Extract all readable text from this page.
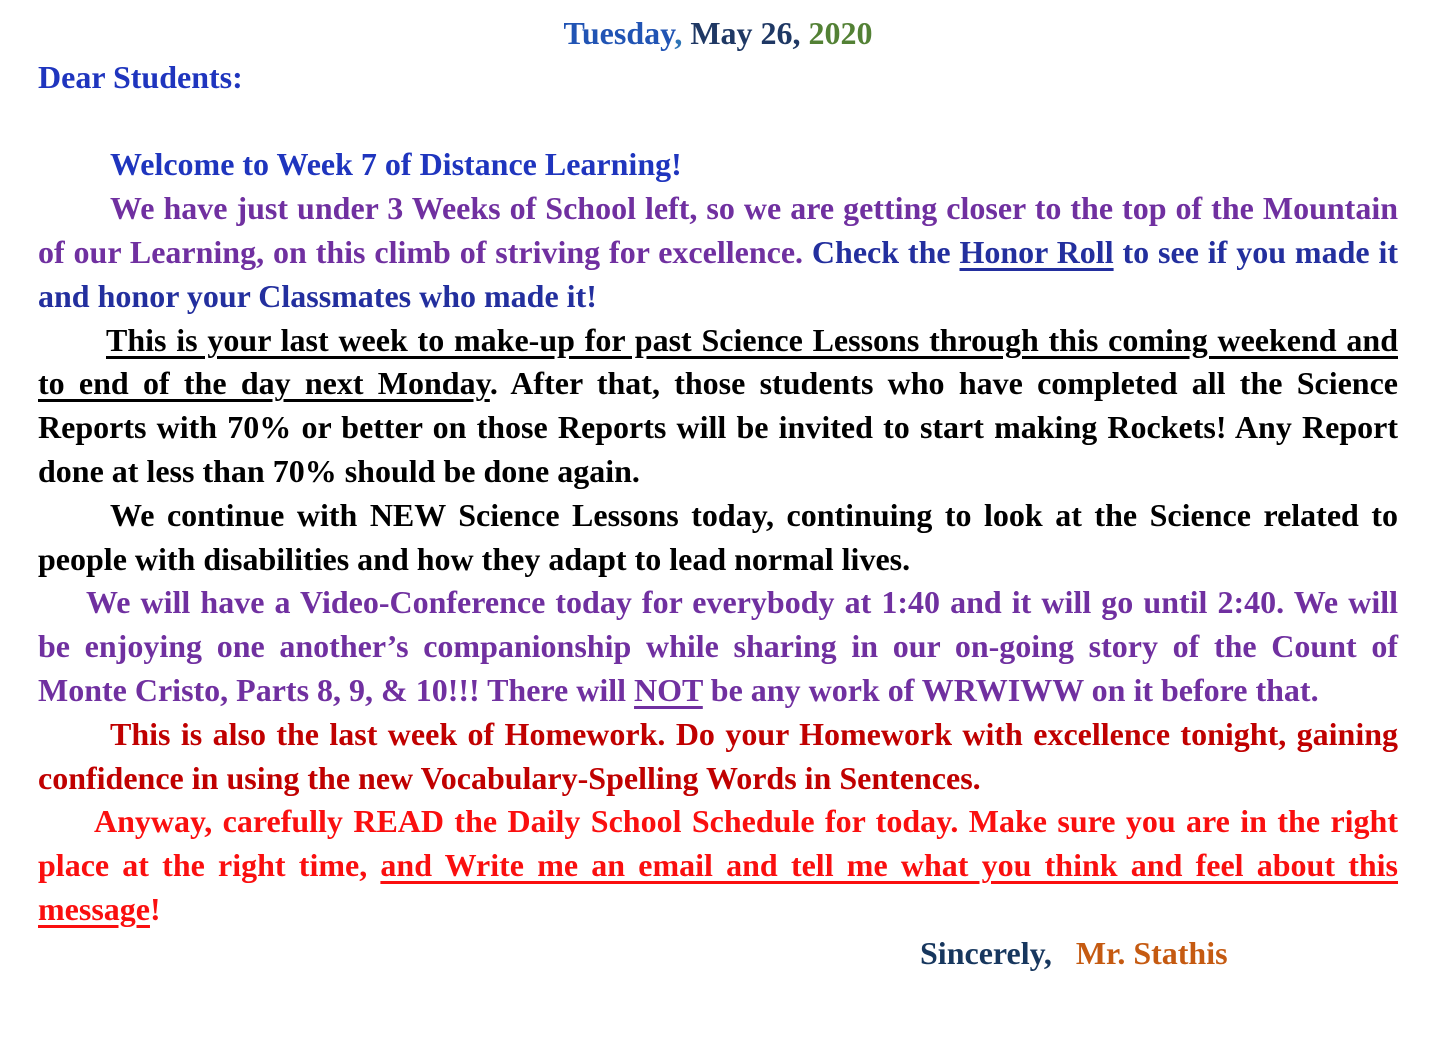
Tuesday, May 26, 2020

Dear Students:

Welcome to Week 7 of Distance Learning!

We have just under 3 Weeks of School left, so we are getting closer to the top of the Mountain of our Learning, on this climb of striving for excellence. Check the Honor Roll to see if you made it and honor your Classmates who made it!

This is your last week to make-up for past Science Lessons through this coming weekend and to end of the day next Monday. After that, those students who have completed all the Science Reports with 70% or better on those Reports will be invited to start making Rockets! Any Report done at less than 70% should be done again.

We continue with NEW Science Lessons today, continuing to look at the Science related to people with disabilities and how they adapt to lead normal lives.

We will have a Video-Conference today for everybody at 1:40 and it will go until 2:40. We will be enjoying one another’s companionship while sharing in our on-going story of the Count of Monte Cristo, Parts 8, 9, & 10!!! There will NOT be any work of WRWIWW on it before that.

This is also the last week of Homework. Do your Homework with excellence tonight, gaining confidence in using the new Vocabulary-Spelling Words in Sentences.

Anyway, carefully READ the Daily School Schedule for today. Make sure you are in the right place at the right time, and Write me an email and tell me what you think and feel about this message!

Sincerely,   Mr. Stathis
